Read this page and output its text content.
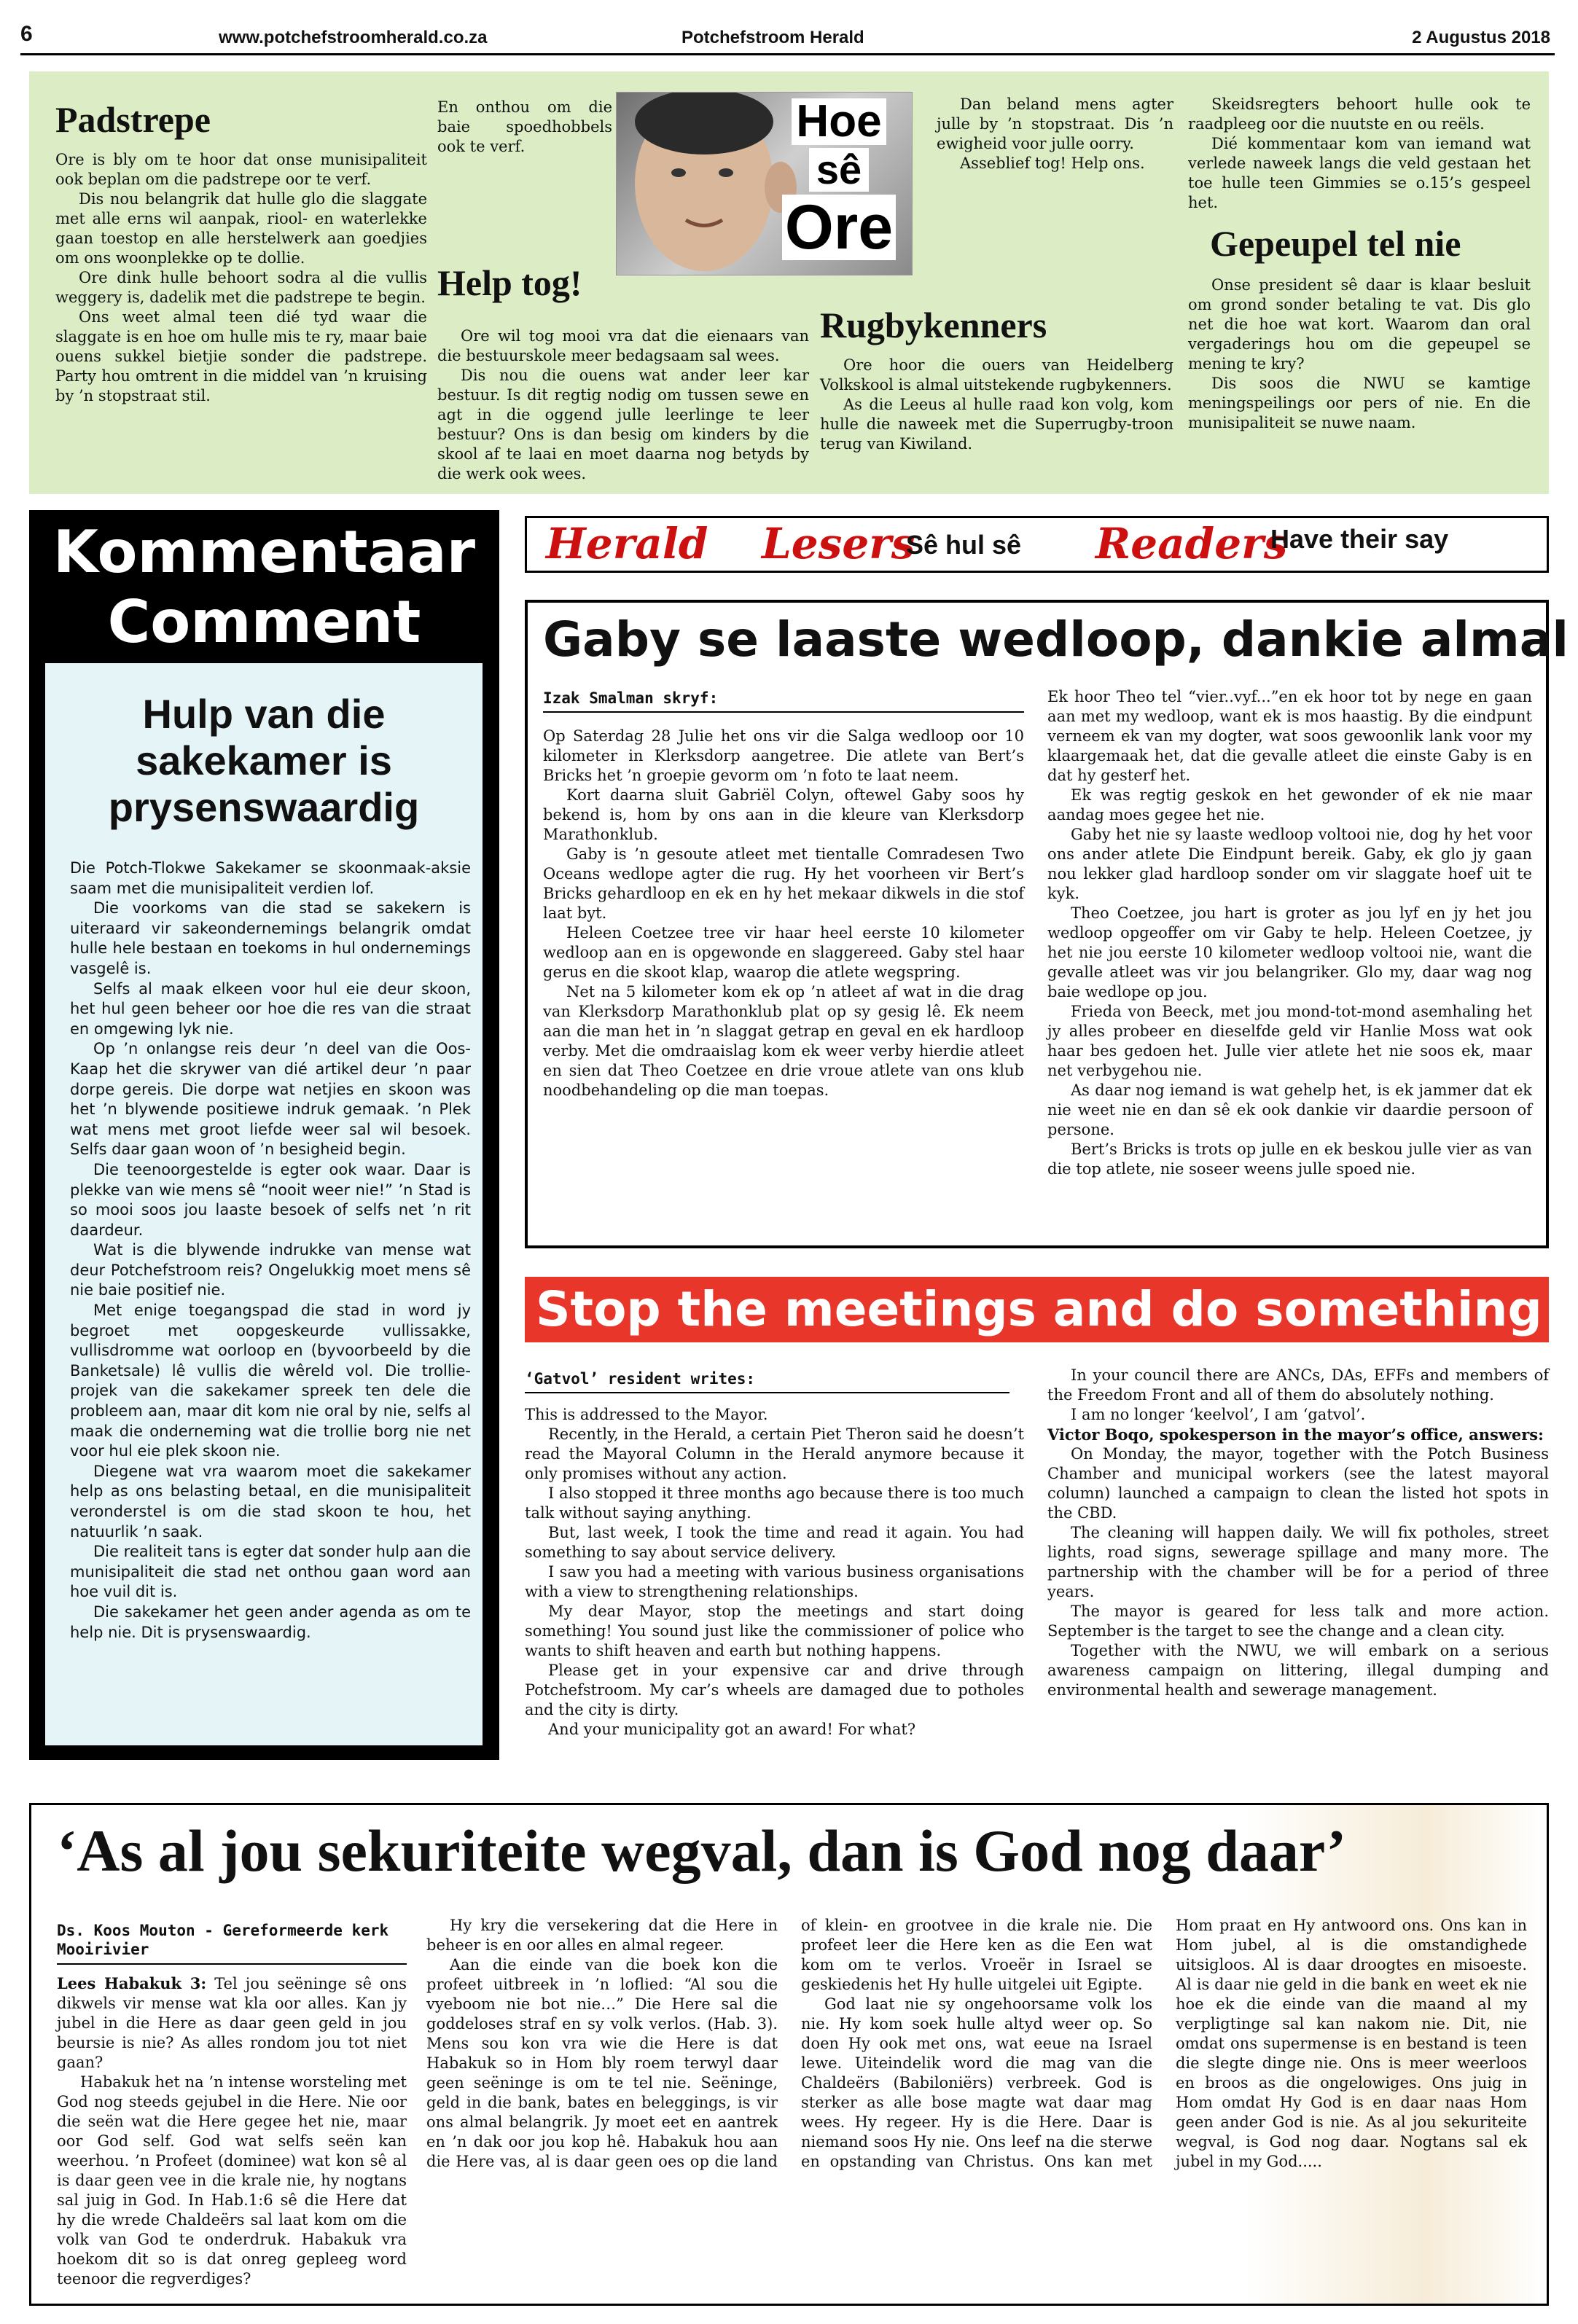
6	www.potchefstroomherald.co.za	Potchefstroom Herald	2 Augustus 2018

Padstrepe

Ore is bly om te hoor dat onse munisipaliteit ook beplan om die padstrepe oor te verf.

Dis nou belangrik dat hulle glo die slaggate met alle erns wil aanpak, riool- en waterlekke gaan toestop en alle herstelwerk aan goedjies om ons woonplekke op te dollie.

Ore dink hulle behoort sodra al die vullis weggery is, dadelik met die padstrepe te begin.

Ons weet almal teen dié tyd waar die slaggate is en hoe om hulle mis te ry, maar baie ouens sukkel bietjie sonder die padstrepe. Party hou omtrent in die middel van ’n kruising by ’n stopstraat stil.

En onthou om die baie spoedhobbels ook te verf.

Help tog!

Ore wil tog mooi vra dat die eienaars van die bestuurskole meer bedagsaam sal wees.

Dis nou die ouens wat ander leer kar bestuur. Is dit regtig nodig om tussen sewe en agt in die oggend julle leerlinge te leer bestuur? Ons is dan besig om kinders by die skool af te laai en moet daarna nog betyds by die werk ook wees.

Hoe
sê
Ore

Dan beland mens agter julle by ’n stopstraat. Dis ’n ewigheid voor julle oorry.

Asseblief tog! Help ons.

Rugbykenners

Ore hoor die ouers van Heidelberg Volkskool is almal uitstekende rugbykenners.

As die Leeus al hulle raad kon volg, kom hulle die naweek met die Superrugby-troon terug van Kiwiland.

Skeidsregters behoort hulle ook te raadpleeg oor die nuutste en ou reëls.

Dié kommentaar kom van iemand wat verlede naweek langs die veld gestaan het toe hulle teen Gimmies se o.15’s gespeel het.

Gepeupel tel nie

Onse president sê daar is klaar besluit om grond sonder betaling te vat. Dis glo net die hoe wat kort. Waarom dan oral vergaderings hou om die gepeupel se mening te kry?

Dis soos die NWU se kamtige meningspeilings oor pers of nie. En die munisipaliteit se nuwe naam.

Kommentaar
Comment
Hulp van die sakekamer is prysenswaardig

Die Potch-Tlokwe Sakekamer se skoonmaak-aksie saam met die munisipaliteit verdien lof.

Die voorkoms van die stad se sakekern is uiteraard vir sakeondernemings belangrik omdat hulle hele bestaan en toekoms in hul ondernemings vasgelê is.

Selfs al maak elkeen voor hul eie deur skoon, het hul geen beheer oor hoe die res van die straat en omgewing lyk nie.

Op ’n onlangse reis deur ’n deel van die Oos-Kaap het die skrywer van dié artikel deur ’n paar dorpe gereis. Die dorpe wat netjies en skoon was het ’n blywende positiewe indruk gemaak. ’n Plek wat mens met groot liefde weer sal wil besoek. Selfs daar gaan woon of ’n besigheid begin.

Die teenoorgestelde is egter ook waar. Daar is plekke van wie mens sê “nooit weer nie!” ’n Stad is so mooi soos jou laaste besoek of selfs net ’n rit daardeur.

Wat is die blywende indrukke van mense wat deur Potchefstroom reis? Ongelukkig moet mens sê nie baie positief nie.

Met enige toegangspad die stad in word jy begroet met oopgeskeurde vullissakke, vullisdromme wat oorloop en (byvoorbeeld by die Banketsale) lê vullis die wêreld vol. Die trollie-projek van die sakekamer spreek ten dele die probleem aan, maar dit kom nie oral by nie, selfs al maak die onderneming wat die trollie borg nie net voor hul eie plek skoon nie.

Diegene wat vra waarom moet die sakekamer help as ons belasting betaal, en die munisipaliteit veronderstel is om die stad skoon te hou, het natuurlik ’n saak.

Die realiteit tans is egter dat sonder hulp aan die munisipaliteit die stad net onthou gaan word aan hoe vuil dit is.

Die sakekamer het geen ander agenda as om te help nie. Dit is prysenswaardig.

Herald Lesers
Sê hul sê Readers
Have their say
Gaby se laaste wedloop, dankie almal
Izak Smalman skryf:

Op Saterdag 28 Julie het ons vir die Salga wedloop oor 10 kilometer in Klerksdorp aangetree. Die atlete van Bert’s Bricks het ’n groepie gevorm om ’n foto te laat neem.

Kort daarna sluit Gabriël Colyn, oftewel Gaby soos hy bekend is, hom by ons aan in die kleure van Klerksdorp Marathonklub.

Gaby is ’n gesoute atleet met tientalle Comradesen Two Oceans wedlope agter die rug. Hy het voorheen vir Bert’s Bricks gehardloop en ek en hy het mekaar dikwels in die stof laat byt.

Heleen Coetzee tree vir haar heel eerste 10 kilometer wedloop aan en is opgewonde en slaggereed. Gaby stel haar gerus en die skoot klap, waarop die atlete wegspring.

Net na 5 kilometer kom ek op ’n atleet af wat in die drag van Klerksdorp Marathonklub plat op sy gesig lê. Ek neem aan die man het in ’n slaggat getrap en geval en ek hardloop verby. Met die omdraaislag kom ek weer verby hierdie atleet en sien dat Theo Coetzee en drie vroue atlete van ons klub noodbehandeling op die man toepas.

Ek hoor Theo tel “vier..vyf...”en ek hoor tot by nege en gaan aan met my wedloop, want ek is mos haastig. By die eindpunt verneem ek van my dogter, wat soos gewoonlik lank voor my klaargemaak het, dat die gevalle atleet die einste Gaby is en dat hy gesterf het.

Ek was regtig geskok en het gewonder of ek nie maar aandag moes gegee het nie.

Gaby het nie sy laaste wedloop voltooi nie, dog hy het voor ons ander atlete Die Eindpunt bereik. Gaby, ek glo jy gaan nou lekker glad hardloop sonder om vir slaggate hoef uit te kyk.

Theo Coetzee, jou hart is groter as jou lyf en jy het jou wedloop opgeoffer om vir Gaby te help. Heleen Coetzee, jy het nie jou eerste 10 kilometer wedloop voltooi nie, want die gevalle atleet was vir jou belangriker. Glo my, daar wag nog baie wedlope op jou.

Frieda von Beeck, met jou mond-tot-mond asemhaling het jy alles probeer en dieselfde geld vir Hanlie Moss wat ook haar bes gedoen het. Julle vier atlete het nie soos ek, maar net verbygehou nie.

As daar nog iemand is wat gehelp het, is ek jammer dat ek nie weet nie en dan sê ek ook dankie vir daardie persoon of persone.

Bert’s Bricks is trots op julle en ek beskou julle vier as van die top atlete, nie soseer weens julle spoed nie.

Stop the meetings and do something
‘Gatvol’ resident writes:

This is addressed to the Mayor.

Recently, in the Herald, a certain Piet Theron said he doesn’t read the Mayoral Column in the Herald anymore because it only promises without any action.

I also stopped it three months ago because there is too much talk without saying anything.

But, last week, I took the time and read it again. You had something to say about service delivery.

I saw you had a meeting with various business organisations with a view to strengthening relationships.

My dear Mayor, stop the meetings and start doing something! You sound just like the commissioner of police who wants to shift heaven and earth but nothing happens.

Please get in your expensive car and drive through Potchefstroom. My car’s wheels are damaged due to potholes and the city is dirty.

And your municipality got an award! For what?

In your council there are ANCs, DAs, EFFs and members of the Freedom Front and all of them do absolutely nothing.

I am no longer ‘keelvol’, I am ‘gatvol’.

Victor Boqo, spokesperson in the mayor’s office, answers:

On Monday, the mayor, together with the Potch Business Chamber and municipal workers (see the latest mayoral column) launched a campaign to clean the listed hot spots in the CBD.

The cleaning will happen daily. We will fix potholes, street lights, road signs, sewerage spillage and many more. The partnership with the chamber will be for a period of three years.

The mayor is geared for less talk and more action. September is the target to see the change and a clean city.

Together with the NWU, we will embark on a serious awareness campaign on littering, illegal dumping and environmental health and sewerage management.

‘As al jou sekuriteite wegval, dan is God nog daar’
Ds. Koos Mouton - Gereformeerde kerk Mooirivier

Lees Habakuk 3: Tel jou seëninge sê ons dikwels vir mense wat kla oor alles. Kan jy jubel in die Here as daar geen geld in jou beursie is nie? As alles rondom jou tot niet gaan?

Habakuk het na ’n intense worsteling met God nog steeds gejubel in die Here. Nie oor die seën wat die Here gegee het nie, maar oor God self. God wat selfs seën kan weerhou. ’n Profeet (dominee) wat kon sê al is daar geen vee in die krale nie, hy nogtans sal juig in God. In Hab.1:6 sê die Here dat hy die wrede Chaldeërs sal laat kom om die volk van God te onderdruk. Habakuk vra hoekom dit so is dat onreg gepleeg word teenoor die regverdiges?

Hy kry die versekering dat die Here in beheer is en oor alles en almal regeer.

Aan die einde van die boek kon die profeet uitbreek in ’n loflied: “Al sou die vyeboom nie bot nie…” Die Here sal die goddeloses straf en sy volk verlos. (Hab. 3). Mens sou kon vra wie die Here is dat Habakuk so in Hom bly roem terwyl daar geen seëninge is om te tel nie. Seëninge, geld in die bank, bates en beleggings, is vir ons almal belangrik. Jy moet eet en aantrek en ’n dak oor jou kop hê. Habakuk hou aan die Here vas, al is daar geen oes op die land of klein- en grootvee in die krale nie. Die profeet leer die Here ken as die Een wat kom om te verlos. Vroeër in Israel se geskiedenis het Hy hulle uitgelei uit Egipte.

God laat nie sy ongehoorsame volk los nie. Hy kom soek hulle altyd weer op. So doen Hy ook met ons, wat eeue na Israel lewe. Uiteindelik word die mag van die Chaldeërs (Babiloniërs) verbreek. God is sterker as alle bose magte wat daar mag wees. Hy regeer. Hy is die Here. Daar is niemand soos Hy nie. Ons leef na die sterwe en opstanding van Christus. Ons kan met Hom praat en Hy antwoord ons. Ons kan in Hom jubel, al is die omstandighede uitsigloos. Al is daar droogtes en misoeste. Al is daar nie geld in die bank en weet ek nie hoe ek die einde van die maand al my verpligtinge sal kan nakom nie. Dit, nie omdat ons supermense is en bestand is teen die slegte dinge nie. Ons is meer weerloos en broos as die ongelowiges. Ons juig in Hom omdat Hy God is en daar naas Hom geen ander God is nie. As al jou sekuriteite wegval, is God nog daar. Nogtans sal ek jubel in my God.....
